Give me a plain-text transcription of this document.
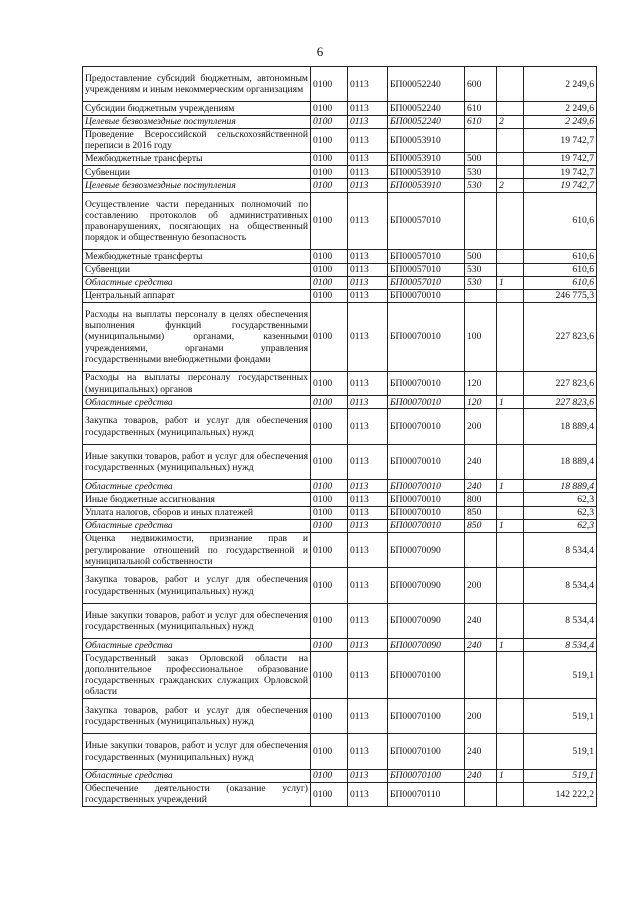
6
Предоставление субсидий бюджетным, автономным учреждениям и иным некоммерческим организациям	0100	0113	БП00052240	600		2 249,6
Субсидии бюджетным учреждениям	0100	0113	БП00052240	610		2 249,6
Целевые безвозмездные поступления	0100	0113	БП00052240	610	2	2 249,6
Проведение Всероссийской сельскохозяйственной переписи в 2016 году	0100	0113	БП00053910			19 742,7
Межбюджетные трансферты	0100	0113	БП00053910	500		19 742,7
Субвенции	0100	0113	БП00053910	530		19 742,7
Целевые безвозмездные поступления	0100	0113	БП00053910	530	2	19 742,7
Осуществление части переданных полномочий по составлению протоколов об административных правонарушениях, посягающих на общественный порядок и общественную безопасность	0100	0113	БП00057010			610,6
Межбюджетные трансферты	0100	0113	БП00057010	500		610,6
Субвенции	0100	0113	БП00057010	530		610,6
Областные средства	0100	0113	БП00057010	530	1	610,6
Центральный аппарат	0100	0113	БП00070010			246 775,3
Расходы на выплаты персоналу в целях обеспечения выполнения функций государственными (муниципальными) органами, казенными учреждениями, органами управления государственными внебюджетными фондами	0100	0113	БП00070010	100		227 823,6
Расходы на выплаты персоналу государственных (муниципальных) органов	0100	0113	БП00070010	120		227 823,6
Областные средства	0100	0113	БП00070010	120	1	227 823,6
Закупка товаров, работ и услуг для обеспечения государственных (муниципальных) нужд	0100	0113	БП00070010	200		18 889,4
Иные закупки товаров, работ и услуг для обеспечения государственных (муниципальных) нужд	0100	0113	БП00070010	240		18 889,4
Областные средства	0100	0113	БП00070010	240	1	18 889,4
Иные бюджетные ассигнования	0100	0113	БП00070010	800		62,3
Уплата налогов, сборов и иных платежей	0100	0113	БП00070010	850		62,3
Областные средства	0100	0113	БП00070010	850	1	62,3
Оценка недвижимости, признание прав и регулирование отношений по государственной и муниципальной собственности	0100	0113	БП00070090			8 534,4
Закупка товаров, работ и услуг для обеспечения государственных (муниципальных) нужд	0100	0113	БП00070090	200		8 534,4
Иные закупки товаров, работ и услуг для обеспечения государственных (муниципальных) нужд	0100	0113	БП00070090	240		8 534,4
Областные средства	0100	0113	БП00070090	240	1	8 534,4
Государственный заказ Орловской области на дополнительное профессиональное образование государственных гражданских служащих Орловской области	0100	0113	БП00070100			519,1
Закупка товаров, работ и услуг для обеспечения государственных (муниципальных) нужд	0100	0113	БП00070100	200		519,1
Иные закупки товаров, работ и услуг для обеспечения государственных (муниципальных) нужд	0100	0113	БП00070100	240		519,1
Областные средства	0100	0113	БП00070100	240	1	519,1
Обеспечение деятельности (оказание услуг) государственных учреждений	0100	0113	БП00070110			142 222,2
